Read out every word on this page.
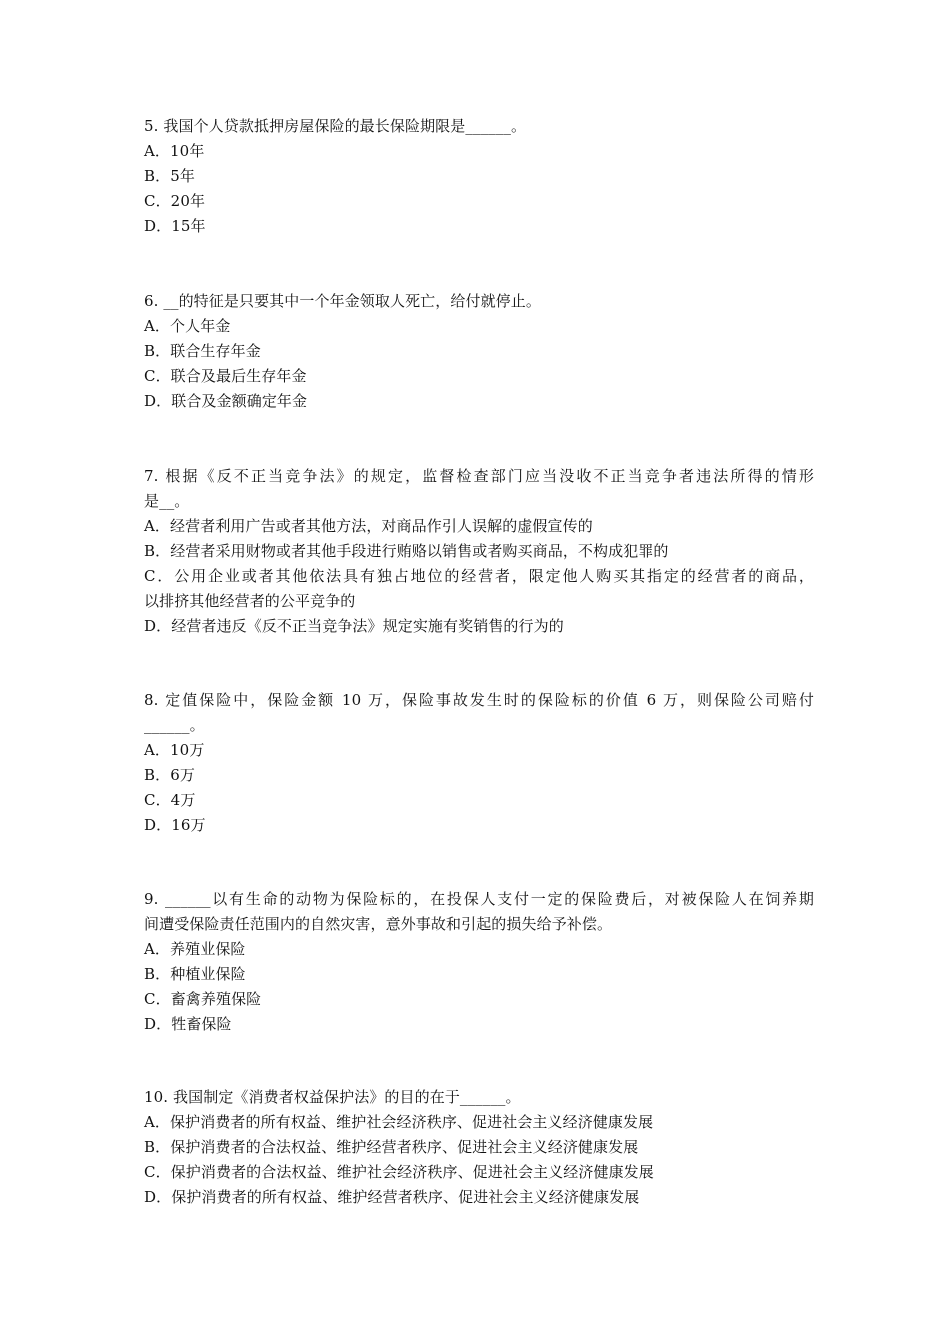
5. 我国个人贷款抵押房屋保险的最长保险期限是______。
A．10年
B．5年
C．20年
D．15年
6. __的特征是只要其中一个年金领取人死亡，给付就停止。
A．个人年金
B．联合生存年金
C．联合及最后生存年金
D．联合及金额确定年金
7. 根据《反不正当竞争法》的规定，监督检查部门应当没收不正当竞争者违法所得的情形
是__。
A．经营者利用广告或者其他方法，对商品作引人误解的虚假宣传的
B．经营者采用财物或者其他手段进行贿赂以销售或者购买商品，不构成犯罪的
C．公用企业或者其他依法具有独占地位的经营者，限定他人购买其指定的经营者的商品，
以排挤其他经营者的公平竞争的
D．经营者违反《反不正当竞争法》规定实施有奖销售的行为的
8. 定值保险中，保险金额 10 万，保险事故发生时的保险标的价值 6 万，则保险公司赔付
______。
A．10万
B．6万
C．4万
D．16万
9. ______以有生命的动物为保险标的，在投保人支付一定的保险费后，对被保险人在饲养期
间遭受保险责任范围内的自然灾害，意外事故和引起的损失给予补偿。
A．养殖业保险
B．种植业保险
C．畜禽养殖保险
D．牲畜保险
10. 我国制定《消费者权益保护法》的目的在于______。
A．保护消费者的所有权益、维护社会经济秩序、促进社会主义经济健康发展
B．保护消费者的合法权益、维护经营者秩序、促进社会主义经济健康发展
C．保护消费者的合法权益、维护社会经济秩序、促进社会主义经济健康发展
D．保护消费者的所有权益、维护经营者秩序、促进社会主义经济健康发展
